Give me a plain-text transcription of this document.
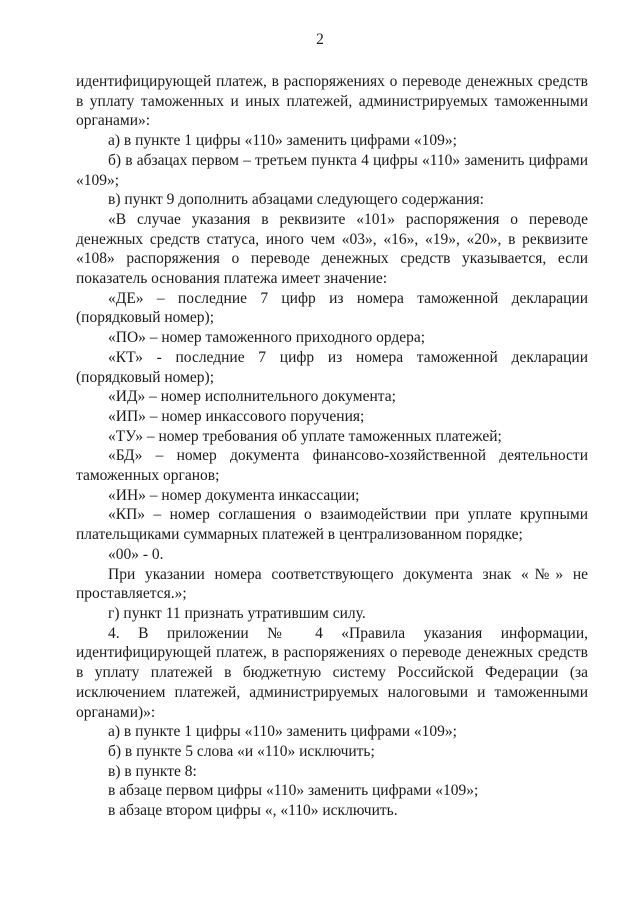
2

идентифицирующей платеж, в распоряжениях о переводе денежных средств в уплату таможенных и иных платежей, администрируемых таможенными органами»:

а) в пункте 1 цифры «110» заменить цифрами «109»;

б) в абзацах первом – третьем пункта 4 цифры «110» заменить цифрами «109»;

в) пункт 9 дополнить абзацами следующего содержания:

«В случае указания в реквизите «101» распоряжения о переводе денежных средств статуса, иного чем «03», «16», «19», «20», в реквизите «108» распоряжения о переводе денежных средств указывается, если показатель основания платежа имеет значение:

«ДЕ» – последние 7 цифр из номера таможенной декларации (порядковый номер);

«ПО» – номер таможенного приходного ордера;

«КТ» - последние 7 цифр из номера таможенной декларации (порядковый номер);

«ИД» – номер исполнительного документа;

«ИП» – номер инкассового поручения;

«ТУ» – номер требования об уплате таможенных платежей;

«БД» – номер документа финансово-хозяйственной деятельности таможенных органов;

«ИН» – номер документа инкассации;

«КП» – номер соглашения о взаимодействии при уплате крупными плательщиками суммарных платежей в централизованном порядке;

«00» - 0.

При указании номера соответствующего документа знак «№» не проставляется.»;

г) пункт 11 признать утратившим силу.

4. В приложении № 4 «Правила указания информации, идентифицирующей платеж, в распоряжениях о переводе денежных средств в уплату платежей в бюджетную систему Российской Федерации (за исключением платежей, администрируемых налоговыми и таможенными органами)»:

а) в пункте 1 цифры «110» заменить цифрами «109»;

б) в пункте 5 слова «и «110» исключить;

в) в пункте 8:

в абзаце первом цифры «110» заменить цифрами «109»;

в абзаце втором цифры «, «110» исключить.
